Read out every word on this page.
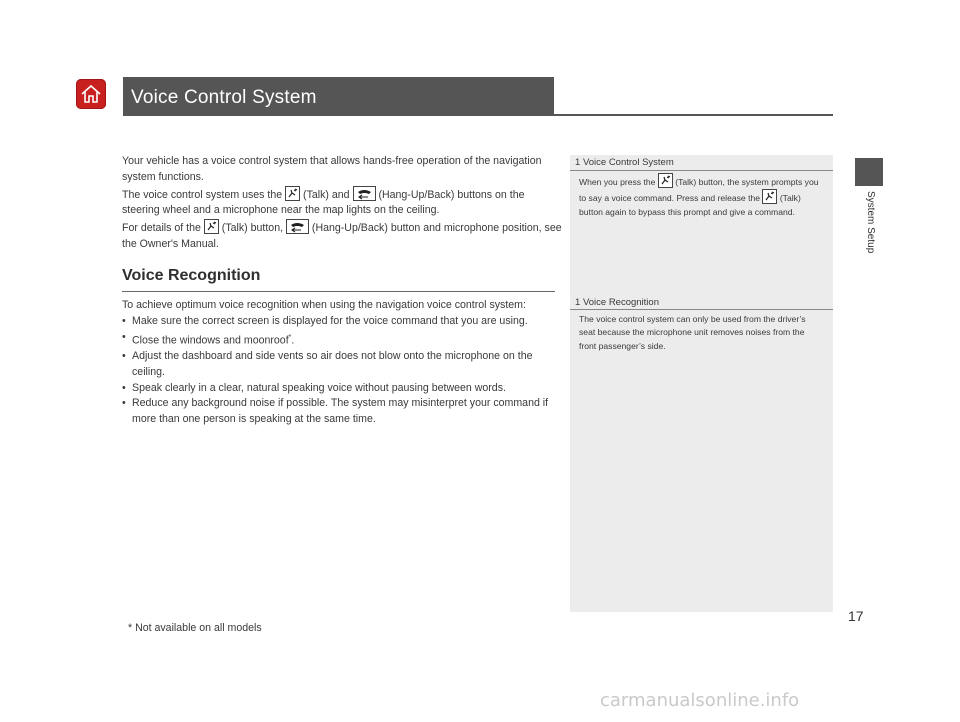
Voice Control System
System Setup

Your vehicle has a voice control system that allows hands-free operation of the navigation system functions.

The voice control system uses the
(Talk) and
(Hang-Up/Back) buttons on the steering wheel and a microphone near the map lights on the ceiling.

For details of the
(Talk) button,
(Hang-Up/Back) button and microphone position, see the Owner's Manual.

Voice Recognition

To achieve optimum voice recognition when using the navigation voice control system:

• Make sure the correct screen is displayed for the voice command that you are using.
• Close the windows and moonroof*.
• Adjust the dashboard and side vents so air does not blow onto the microphone on the ceiling.
• Speak clearly in a clear, natural speaking voice without pausing between words.
• Reduce any background noise if possible. The system may misinterpret your command if more than one person is speaking at the same time.
1 Voice Control System

When you press the
(Talk) button, the system prompts you to say a voice command. Press and release the
(Talk) button again to bypass this prompt and give a command.

1 Voice Recognition

The voice control system can only be used from the driver’s seat because the microphone unit removes noises from the front passenger’s side.

* Not available on all models
17
carmanualsonline.info
